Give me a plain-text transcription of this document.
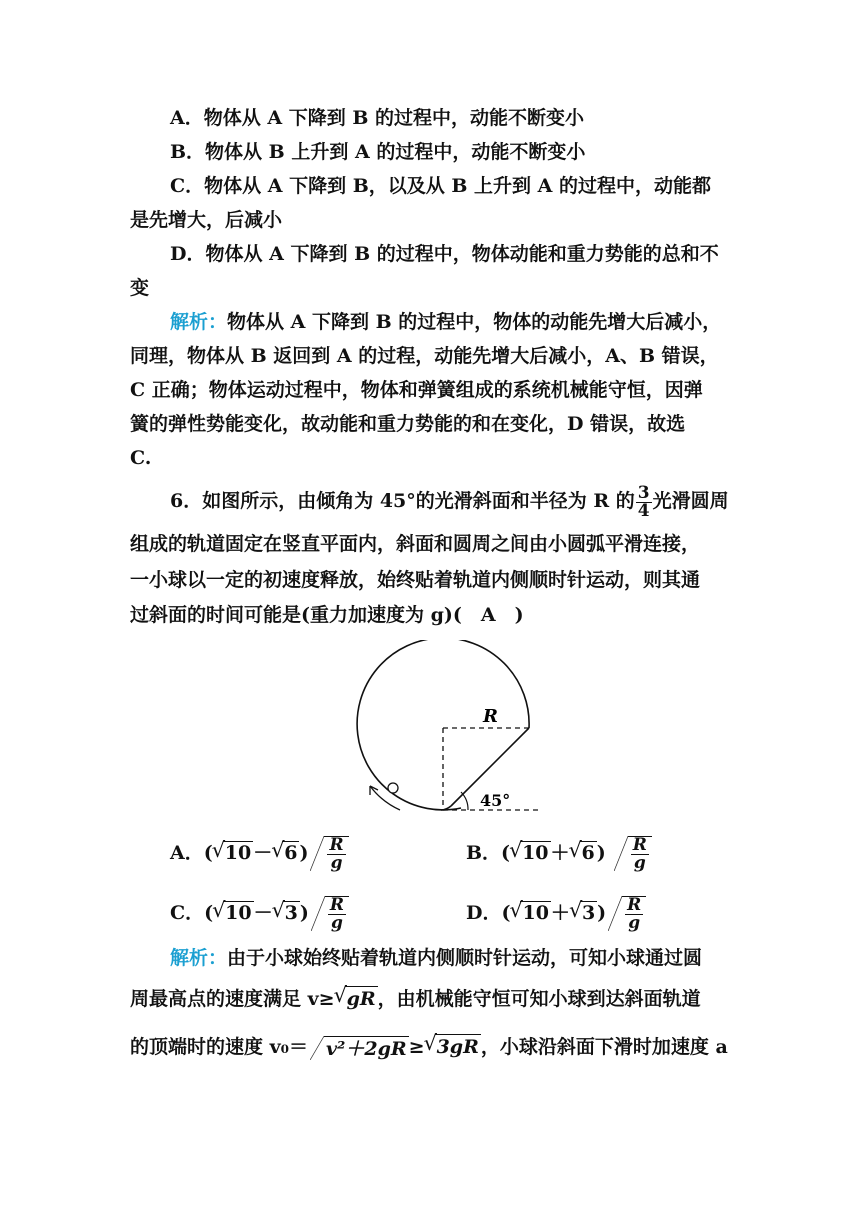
A．物体从 A 下降到 B 的过程中，动能不断变小
B．物体从 B 上升到 A 的过程中，动能不断变小
C．物体从 A 下降到 B，以及从 B 上升到 A 的过程中，动能都
是先增大，后减小
D．物体从 A 下降到 B 的过程中，物体动能和重力势能的总和不
变
解析：物体从 A 下降到 B 的过程中，物体的动能先增大后减小，
同理，物体从 B 返回到 A 的过程，动能先增大后减小，A、B 错误，
C 正确；物体运动过程中，物体和弹簧组成的系统机械能守恒，因弹
簧的弹性势能变化，故动能和重力势能的和在变化，D 错误，故选
C.
6．如图所示，由倾角为 45°的光滑斜面和半径为 R 的 $\frac{3}{4}$ 光滑圆周
组成的轨道固定在竖直平面内，斜面和圆周之间由小圆弧平滑连接，
一小球以一定的初速度释放，始终贴着轨道内侧顺时针运动，则其通
过斜面的时间可能是(重力加速度为 g)(　A　)
R
45°
A．( √ 10 － √ 6 ) $\frac{R}{g}$	B．( √ 10 ＋ √ 6 ) $\frac{R}{g}$
C．( √ 10 － √ 3 ) $\frac{R}{g}$	D．( √ 10 ＋ √ 3 ) $\frac{R}{g}$
解析：由于小球始终贴着轨道内侧顺时针运动，可知小球通过圆
周最高点的速度满足 v≥ √ gR ，由机械能守恒可知小球到达斜面轨道
的顶端时的速度 v₀＝ v²＋2gR ≥ √ 3gR ，小球沿斜面下滑时加速度 a
